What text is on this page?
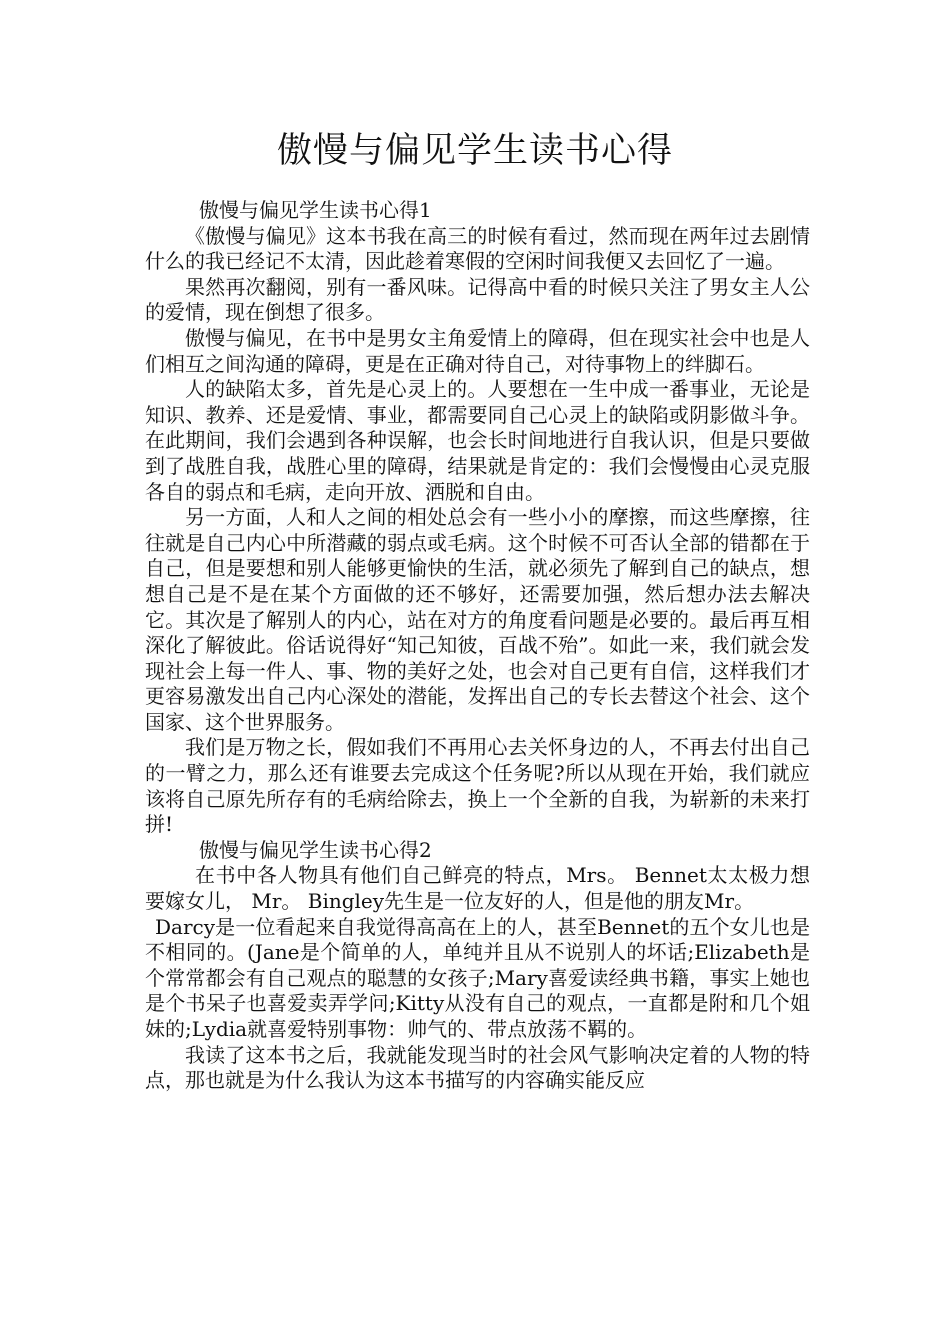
傲慢与偏见学生读书心得

傲慢与偏见学生读书心得1

《傲慢与偏见》这本书我在高三的时候有看过，然而现在两年过去剧情什么的我已经记不太清，因此趁着寒假的空闲时间我便又去回忆了一遍。

果然再次翻阅，别有一番风味。记得高中看的时候只关注了男女主人公的爱情，现在倒想了很多。

傲慢与偏见，在书中是男女主角爱情上的障碍，但在现实社会中也是人们相互之间沟通的障碍，更是在正确对待自己，对待事物上的绊脚石。

人的缺陷太多，首先是心灵上的。人要想在一生中成一番事业，无论是知识、教养、还是爱情、事业，都需要同自己心灵上的缺陷或阴影做斗争。在此期间，我们会遇到各种误解，也会长时间地进行自我认识，但是只要做到了战胜自我，战胜心里的障碍，结果就是肯定的：我们会慢慢由心灵克服各自的弱点和毛病，走向开放、洒脱和自由。

另一方面，人和人之间的相处总会有一些小小的摩擦，而这些摩擦，往往就是自己内心中所潜藏的弱点或毛病。这个时候不可否认全部的错都在于自己，但是要想和别人能够更愉快的生活，就必须先了解到自己的缺点，想想自己是不是在某个方面做的还不够好，还需要加强，然后想办法去解决它。其次是了解别人的内心，站在对方的角度看问题是必要的。最后再互相深化了解彼此。俗话说得好“知己知彼，百战不殆”。如此一来，我们就会发现社会上每一件人、事、物的美好之处，也会对自己更有自信，这样我们才更容易激发出自己内心深处的潜能，发挥出自己的专长去替这个社会、这个国家、这个世界服务。

我们是万物之长，假如我们不再用心去关怀身边的人，不再去付出自己的一臂之力，那么还有谁要去完成这个任务呢?所以从现在开始，我们就应该将自己原先所存有的毛病给除去，换上一个全新的自我，为崭新的未来打拼!

傲慢与偏见学生读书心得2

在书中各人物具有他们自己鲜亮的特点，Mrs。 Bennet太太极力想要嫁女儿， Mr。 Bingley先生是一位友好的人，但是他的朋友Mr。

Darcy是一位看起来自我觉得高高在上的人，甚至Bennet的五个女儿也是不相同的。(Jane是个简单的人，单纯并且从不说别人的坏话;Elizabeth是个常常都会有自己观点的聪慧的女孩子;Mary喜爱读经典书籍，事实上她也是个书呆子也喜爱卖弄学问;Kitty从没有自己的观点，一直都是附和几个姐妹的;Lydia就喜爱特别事物：帅气的、带点放荡不羁的。

我读了这本书之后，我就能发现当时的社会风气影响决定着的人物的特点，那也就是为什么我认为这本书描写的内容确实能反应
